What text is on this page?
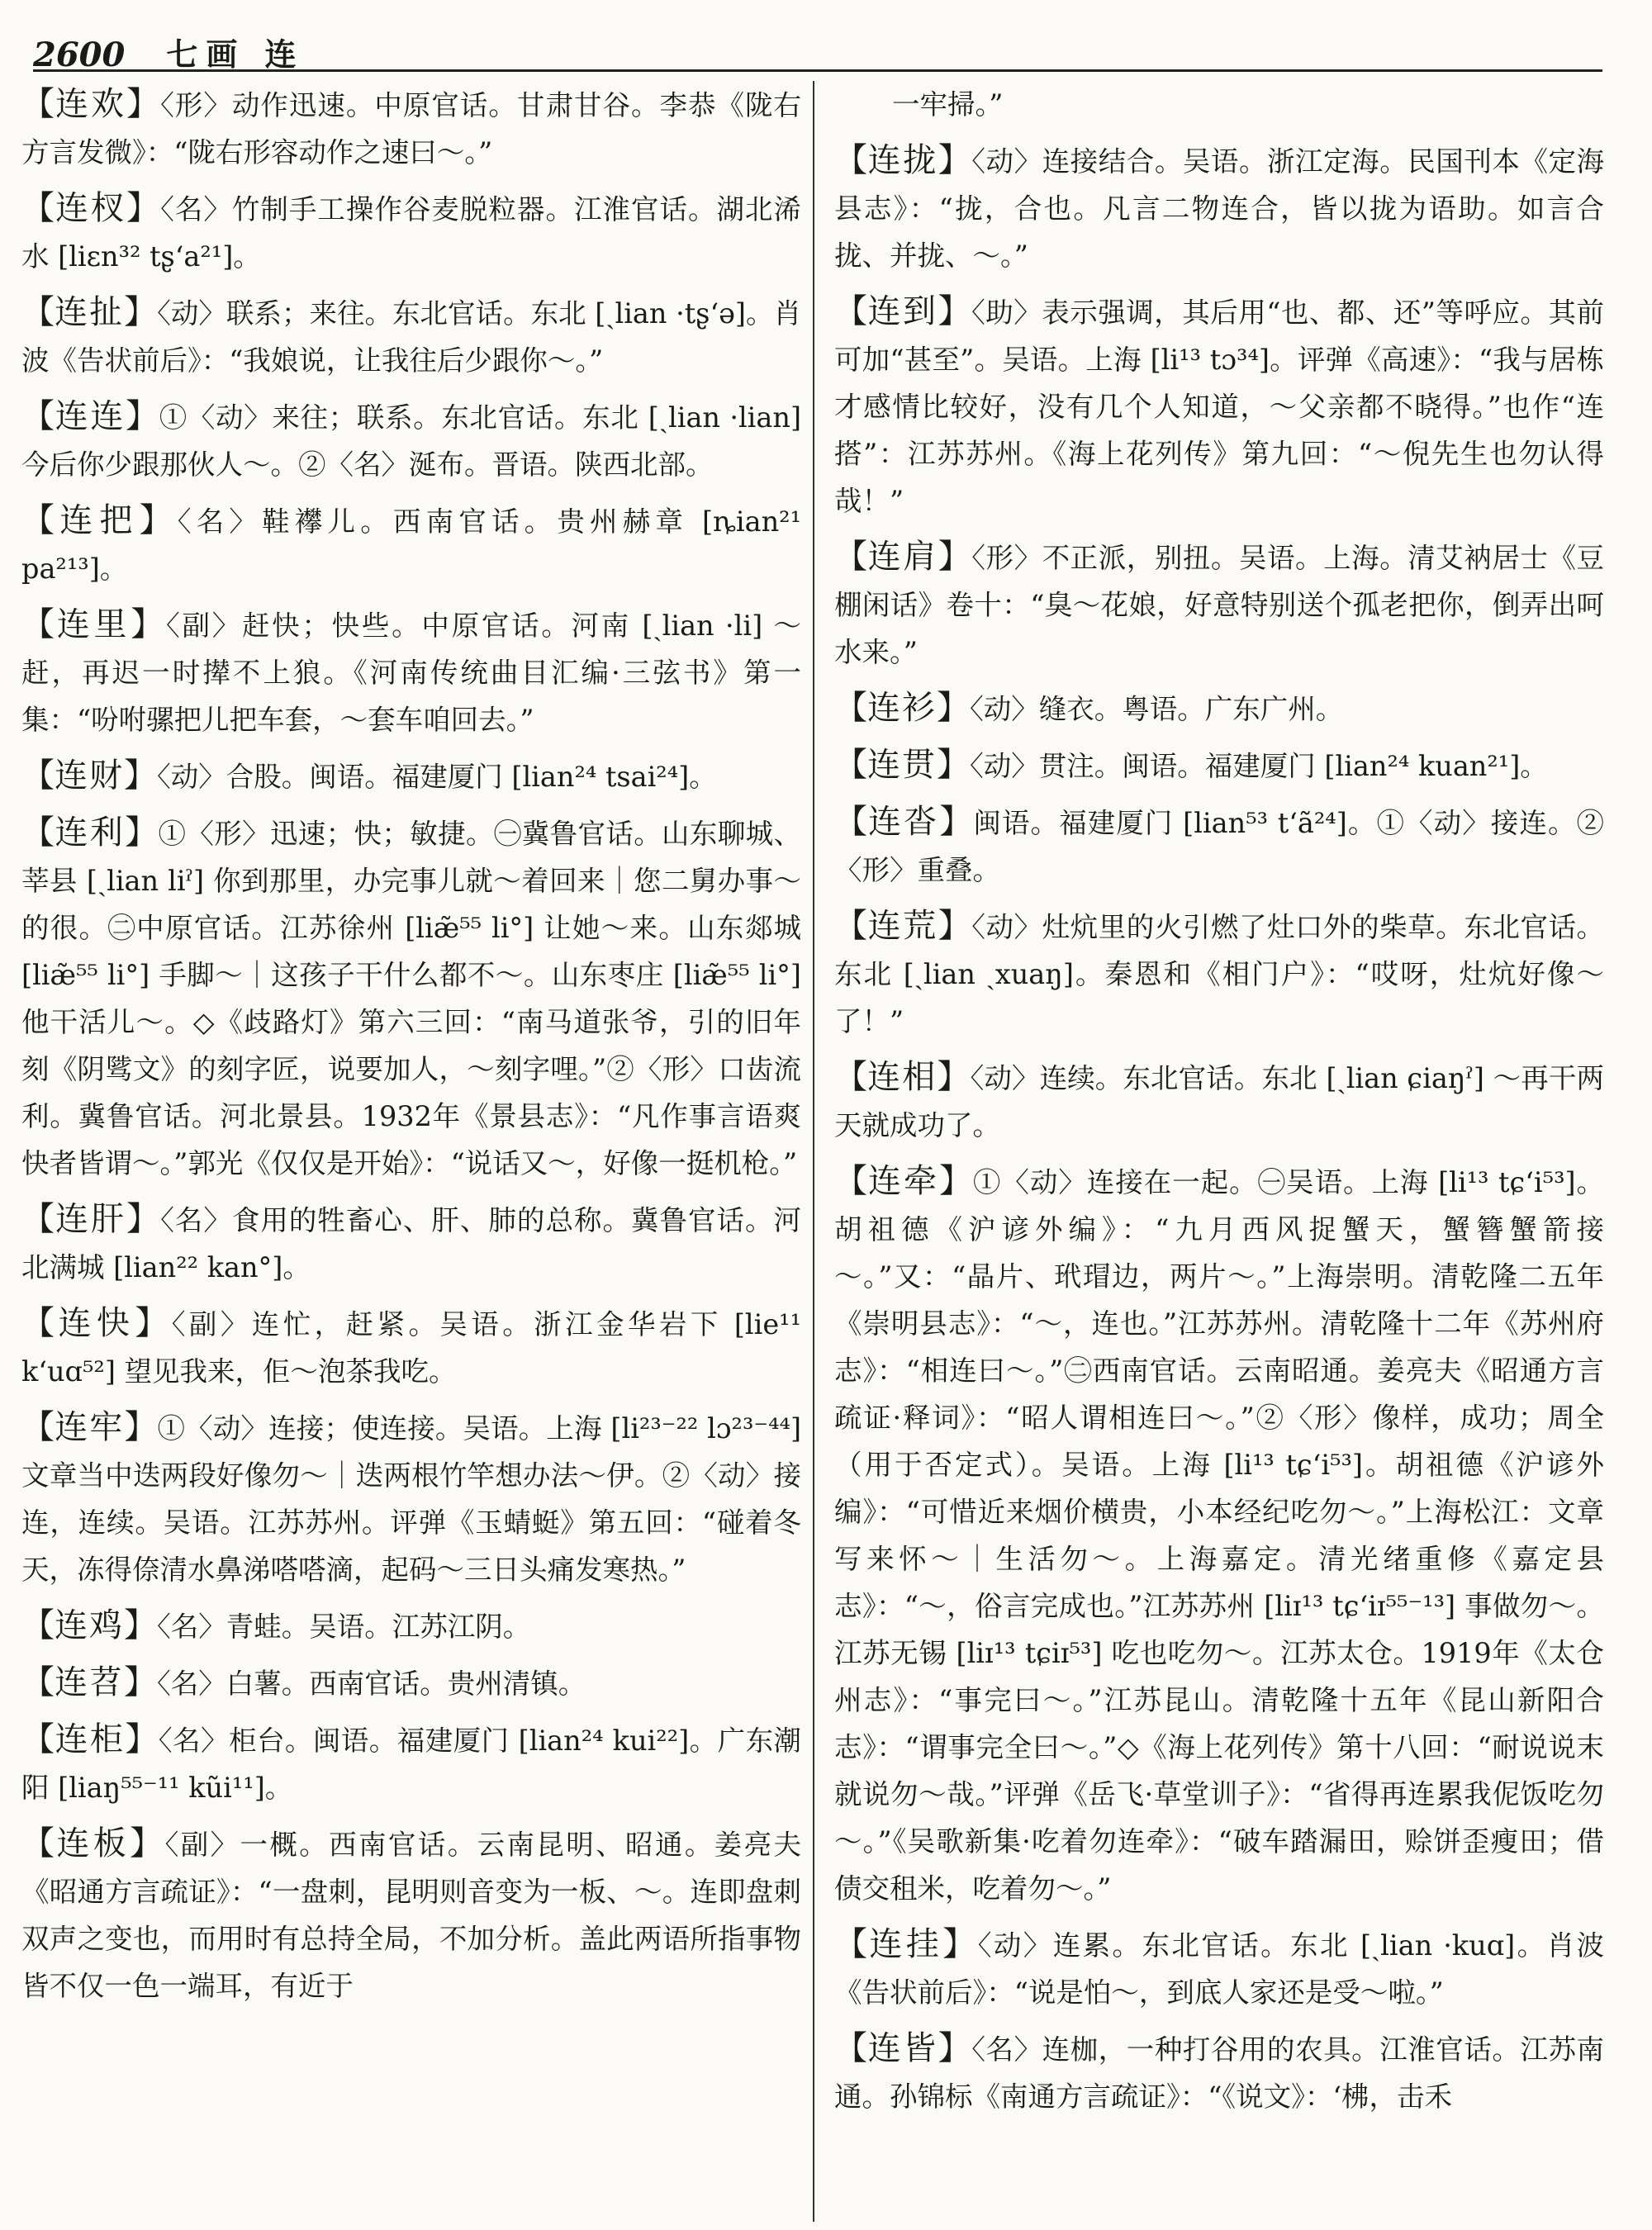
2600 七画 连

【连欢】〈形〉动作迅速。中原官话。甘肃甘谷。李恭《陇右方言发微》：“陇右形容动作之速曰～。”

【连杈】〈名〉竹制手工操作谷麦脱粒器。江淮官话。湖北浠水 [liɛn³² tʂ‘a²¹]。

【连扯】〈动〉联系；来往。东北官话。东北 [ˏlian ·tʂ‘ə]。肖波《告状前后》：“我娘说，让我往后少跟你～。”

【连连】①〈动〉来往；联系。东北官话。东北 [ˏlian ·lian] 今后你少跟那伙人～。②〈名〉涎布。晋语。陕西北部。

【连把】〈名〉鞋襻儿。西南官话。贵州赫章 [ȵian²¹ pa²¹³]。

【连里】〈副〉赶快；快些。中原官话。河南 [ˏlian ·li] ～赶，再迟一时撵不上狼。《河南传统曲目汇编·三弦书》第一集：“吩咐骡把儿把车套，～套车咱回去。”

【连财】〈动〉合股。闽语。福建厦门 [lian²⁴ tsai²⁴]。

【连利】①〈形〉迅速；快；敏捷。㊀冀鲁官话。山东聊城、莘县 [ˏlian liˀ] 你到那里，办完事儿就～着回来｜您二舅办事～的很。㊁中原官话。江苏徐州 [liæ̃⁵⁵ li°] 让她～来。山东郯城 [liæ̃⁵⁵ li°] 手脚～｜这孩子干什么都不～。山东枣庄 [liæ̃⁵⁵ li°] 他干活儿～。◇《歧路灯》第六三回：“南马道张爷，引的旧年刻《阴骘文》的刻字匠，说要加人，～刻字哩。”②〈形〉口齿流利。冀鲁官话。河北景县。1932年《景县志》：“凡作事言语爽快者皆谓～。”郭光《仅仅是开始》：“说话又～，好像一挺机枪。”

【连肝】〈名〉食用的牲畜心、肝、肺的总称。冀鲁官话。河北满城 [lian²² kan°]。

【连快】〈副〉连忙，赶紧。吴语。浙江金华岩下 [lie¹¹ k‘uɑ⁵²] 望见我来，佢～泡茶我吃。

【连牢】①〈动〉连接；使连接。吴语。上海 [li²³⁻²² lɔ²³⁻⁴⁴] 文章当中迭两段好像勿～｜迭两根竹竿想办法～伊。②〈动〉接连，连续。吴语。江苏苏州。评弹《玉蜻蜓》第五回：“碰着冬天，冻得倷清水鼻涕嗒嗒滴，起码～三日头痛发寒热。”

【连鸡】〈名〉青蛙。吴语。江苏江阴。

【连苕】〈名〉白薯。西南官话。贵州清镇。

【连柜】〈名〉柜台。闽语。福建厦门 [lian²⁴ kui²²]。广东潮阳 [liaŋ⁵⁵⁻¹¹ kũi¹¹]。

【连板】〈副〉一概。西南官话。云南昆明、昭通。姜亮夫《昭通方言疏证》：“一盘刺，昆明则音变为一板、～。连即盘刺双声之变也，而用时有总持全局，不加分析。盖此两语所指事物皆不仅一色一端耳，有近于

一牢掃。”

【连拢】〈动〉连接结合。吴语。浙江定海。民国刊本《定海县志》：“拢，合也。凡言二物连合，皆以拢为语助。如言合拢、并拢、～。”

【连到】〈助〉表示强调，其后用“也、都、还”等呼应。其前可加“甚至”。吴语。上海 [li¹³ tɔ³⁴]。评弹《高速》：“我与居栋才感情比较好，没有几个人知道，～父亲都不晓得。”也作“连搭”：江苏苏州。《海上花列传》第九回：“～倪先生也勿认得哉！”

【连肩】〈形〉不正派，别扭。吴语。上海。清艾衲居士《豆棚闲话》卷十：“臭～花娘，好意特别送个孤老把你，倒弄出呵水来。”

【连衫】〈动〉缝衣。粤语。广东广州。

【连贯】〈动〉贯注。闽语。福建厦门 [lian²⁴ kuan²¹]。

【连沓】闽语。福建厦门 [lian⁵³ t‘ã²⁴]。①〈动〉接连。②〈形〉重叠。

【连荒】〈动〉灶炕里的火引燃了灶口外的柴草。东北官话。东北 [ˏlian ˏxuaŋ]。秦恩和《相门户》：“哎呀，灶炕好像～了！”

【连相】〈动〉连续。东北官话。东北 [ˏlian ɕiaŋˀ] ～再干两天就成功了。

【连牵】①〈动〉连接在一起。㊀吴语。上海 [li¹³ tɕ‘i⁵³]。胡祖德《沪谚外编》：“九月西风捉蟹天，蟹簪蟹箭接～。”又：“晶片、玳瑁边，两片～。”上海崇明。清乾隆二五年《崇明县志》：“～，连也。”江苏苏州。清乾隆十二年《苏州府志》：“相连曰～。”㊁西南官话。云南昭通。姜亮夫《昭通方言疏证·释词》：“昭人谓相连曰～。”②〈形〉像样，成功；周全（用于否定式）。吴语。上海 [li¹³ tɕ‘i⁵³]。胡祖德《沪谚外编》：“可惜近来烟价横贵，小本经纪吃勿～。”上海松江：文章写来怀～｜生活勿～。上海嘉定。清光绪重修《嘉定县志》：“～，俗言完成也。”江苏苏州 [liɪ¹³ tɕ‘iɪ⁵⁵⁻¹³] 事做勿～。江苏无锡 [liɪ¹³ tɕiɪ⁵³] 吃也吃勿～。江苏太仓。1919年《太仓州志》：“事完曰～。”江苏昆山。清乾隆十五年《昆山新阳合志》：“谓事完全曰～。”◇《海上花列传》第十八回：“耐说说末就说勿～哉。”评弹《岳飞·草堂训子》：“省得再连累我伲饭吃勿～。”《吴歌新集·吃着勿连牵》：“破车踏漏田，赊饼歪瘦田；借债交租米，吃着勿～。”

【连挂】〈动〉连累。东北官话。东北 [ˏlian ·kuɑ]。肖波《告状前后》：“说是怕～，到底人家还是受～啦。”

【连皆】〈名〉连枷，一种打谷用的农具。江淮官话。江苏南通。孙锦标《南通方言疏证》：“《说文》：‘柫，击禾
